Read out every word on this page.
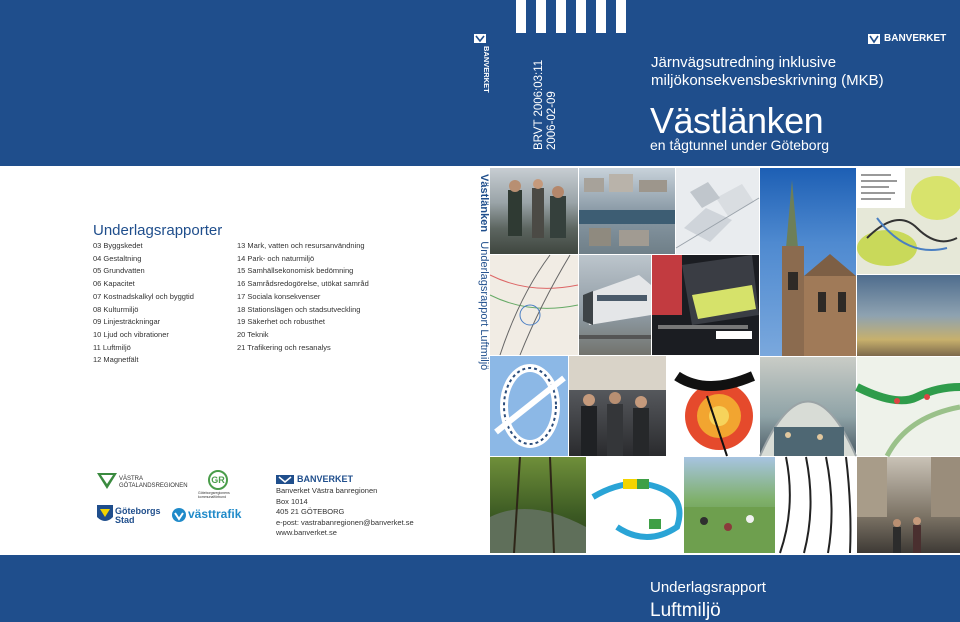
BRVT 2006:03:11 2006-02-09
BANVERKET
BANVERKET
Järnvägsutredning inklusive
miljökonsekvensbeskrivning (MKB)
Västlänken
en tågtunnel under Göteborg
Västlänken   Underlagsrapport Luftmiljö
Underlagsrapporter
03 Byggskedet
04 Gestaltning
05 Grundvatten
06 Kapacitet
07 Kostnadskalkyl och byggtid
08 Kulturmiljö
09 Linjesträckningar
10 Ljud och vibrationer
11 Luftmiljö
12 Magnetfält
13 Mark, vatten och resursanvändning
14 Park- och naturmiljö
15 Samhällsekonomisk bedömning
16 Samrådsredogörelse, utökat samråd
17 Sociala konsekvenser
18 Stationslägen och stadsutveckling
19 Säkerhet och robusthet
20 Teknik
21 Trafikering och resanalys
VÄSTRA
GÖTALANDSREGIONEN
GR
Göteborgsregionens
kommunalförbund
Göteborgs
Stad	västtrafik
BANVERKET
Banverket Västra banregionen
Box 1014
405 21 GÖTEBORG
e-post: vastrabanregionen@banverket.se
www.banverket.se
Underlagsrapport
Luftmiljö
